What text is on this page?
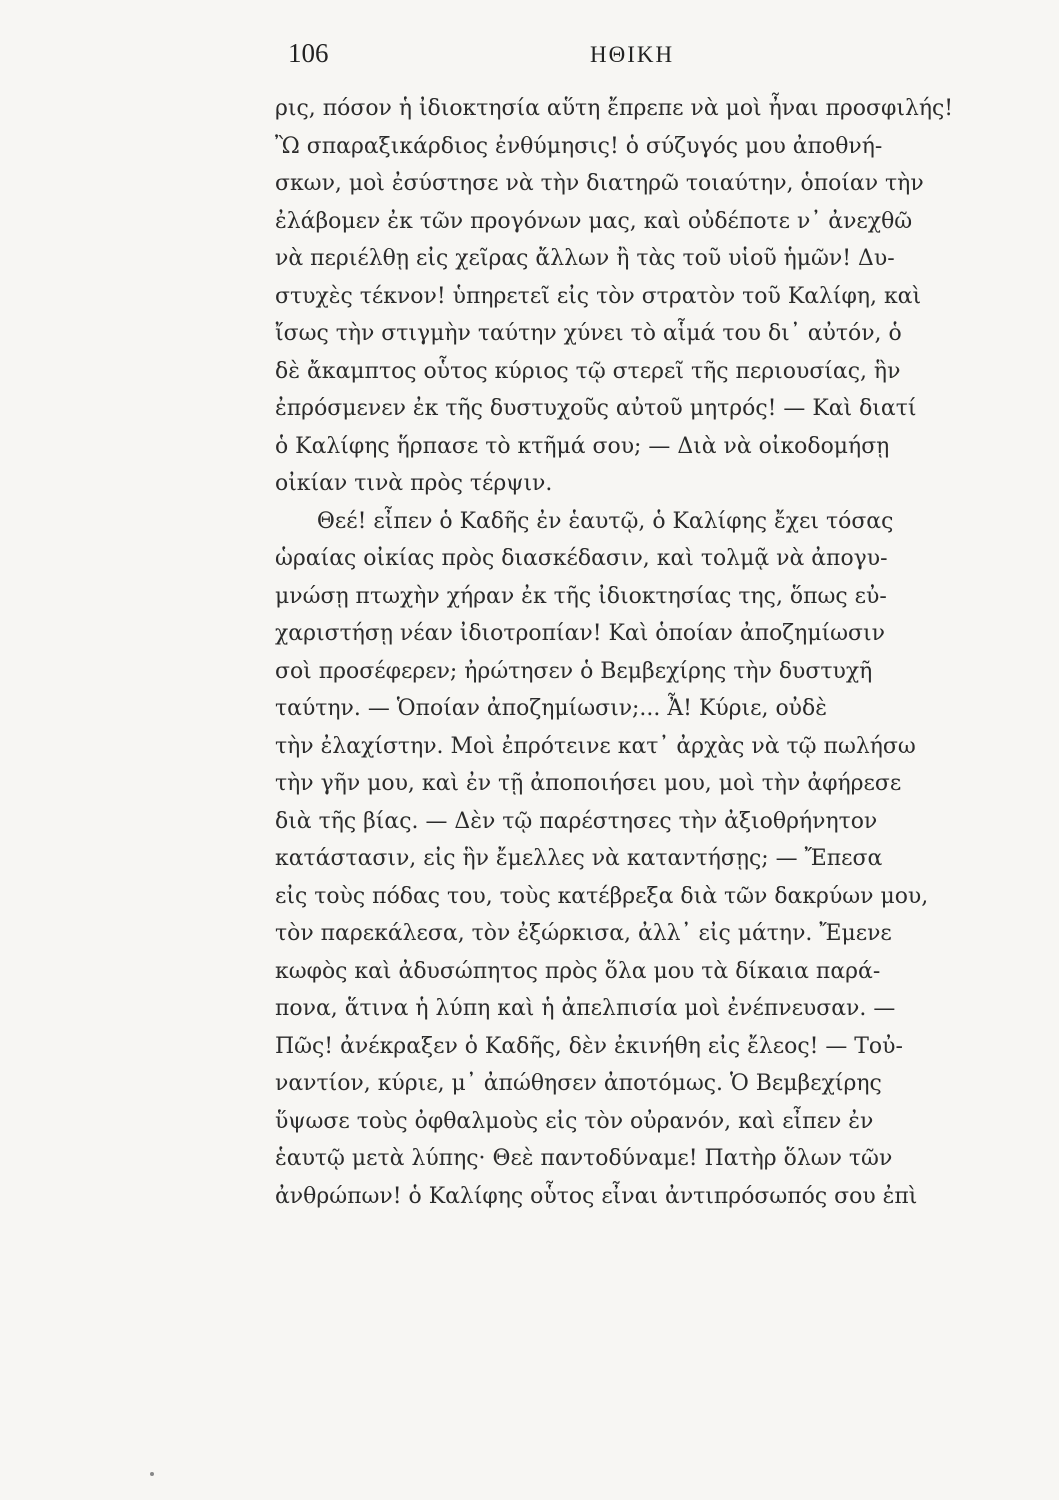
106	ΗΘΙΚΗ
ρις, πόσον ἡ ἰδιοκτησία αὕτη ἔπρεπε νὰ μοὶ ἦναι προσφιλής!
Ὢ σπαραξικάρδιος ἐνθύμησις! ὁ σύζυγός μου ἀποθνή-
σκων, μοὶ ἐσύστησε νὰ τὴν διατηρῶ τοιαύτην, ὁποίαν τὴν
ἐλάβομεν ἐκ τῶν προγόνων μας, καὶ οὐδέποτε ν᾽ ἀνεχθῶ
νὰ περιέλθῃ εἰς χεῖρας ἄλλων ἢ τὰς τοῦ υἱοῦ ἡμῶν! Δυ-
στυχὲς τέκνον! ὑπηρετεῖ εἰς τὸν στρατὸν τοῦ Καλίφη, καὶ
ἴσως τὴν στιγμὴν ταύτην χύνει τὸ αἷμά του δι᾽ αὐτόν, ὁ
δὲ ἄκαμπτος οὗτος κύριος τῷ στερεῖ τῆς περιουσίας, ἣν
ἐπρόσμενεν ἐκ τῆς δυστυχοῦς αὐτοῦ μητρός! — Καὶ διατί
ὁ Καλίφης ἥρπασε τὸ κτῆμά σου; — Διὰ νὰ οἰκοδομήσῃ
οἰκίαν τινὰ πρὸς τέρψιν.
Θεέ! εἶπεν ὁ Καδῆς ἐν ἑαυτῷ, ὁ Καλίφης ἔχει τόσας
ὡραίας οἰκίας πρὸς διασκέδασιν, καὶ τολμᾷ νὰ ἀπογυ-
μνώσῃ πτωχὴν χήραν ἐκ τῆς ἰδιοκτησίας της, ὅπως εὐ-
χαριστήσῃ νέαν ἰδιοτροπίαν! Καὶ ὁποίαν ἀποζημίωσιν
σοὶ προσέφερεν; ἠρώτησεν ὁ Βεμβεχίρης τὴν δυστυχῆ
ταύτην. — Ὁποίαν ἀποζημίωσιν;... Ἆ! Κύριε, οὐδὲ
τὴν ἐλαχίστην. Μοὶ ἐπρότεινε κατ᾽ ἀρχὰς νὰ τῷ πωλήσω
τὴν γῆν μου, καὶ ἐν τῇ ἀποποιήσει μου, μοὶ τὴν ἀφήρεσε
διὰ τῆς βίας. — Δὲν τῷ παρέστησες τὴν ἀξιοθρήνητον
κατάστασιν, εἰς ἣν ἔμελλες νὰ καταντήσῃς; — Ἔπεσα
εἰς τοὺς πόδας του, τοὺς κατέβρεξα διὰ τῶν δακρύων μου,
τὸν παρεκάλεσα, τὸν ἐξώρκισα, ἀλλ᾽ εἰς μάτην. Ἔμενε
κωφὸς καὶ ἀδυσώπητος πρὸς ὅλα μου τὰ δίκαια παρά-
πονα, ἅτινα ἡ λύπη καὶ ἡ ἀπελπισία μοὶ ἐνέπνευσαν. —
Πῶς! ἀνέκραξεν ὁ Καδῆς, δὲν ἐκινήθη εἰς ἔλεος! — Τοὐ-
ναντίον, κύριε, μ᾽ ἀπώθησεν ἀποτόμως. Ὁ Βεμβεχίρης
ὕψωσε τοὺς ὀφθαλμοὺς εἰς τὸν οὐρανόν, καὶ εἶπεν ἐν
ἑαυτῷ μετὰ λύπης· Θεὲ παντοδύναμε! Πατὴρ ὅλων τῶν
ἀνθρώπων! ὁ Καλίφης οὗτος εἶναι ἀντιπρόσωπός σου ἐπὶ
